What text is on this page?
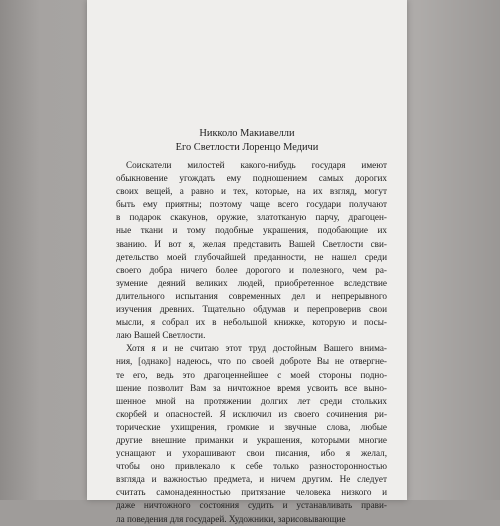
Никколо Макиавелли
Его Светлости Лоренцо Медичи
Соискатели милостей какого-нибудь государя имеют
обыкновение угождать ему подношением самых дорогих
своих вещей, а равно и тех, которые, на их взгляд, могут
быть ему приятны; поэтому чаще всего государи получают
в подарок скакунов, оружие, златотканую парчу, драгоцен-
ные ткани и тому подобные украшения, подобающие их
званию. И вот я, желая представить Вашей Светлости сви-
детельство моей глубочайшей преданности, не нашел среди
своего добра ничего более дорогого и полезного, чем ра-
зумение деяний великих людей, приобретенное вследствие
длительного испытания современных дел и непрерывного
изучения древних. Тщательно обдумав и перепроверив свои
мысли, я собрал их в небольшой книжке, которую и посы-
лаю Вашей Светлости.
Хотя я и не считаю этот труд достойным Вашего внима-
ния, [однако] надеюсь, что по своей доброте Вы не отвергне-
те его, ведь это драгоценнейшее с моей стороны подно-
шение позволит Вам за ничтожное время усвоить все выно-
шенное мной на протяжении долгих лет среди стольких
скорбей и опасностей. Я исключил из своего сочинения ри-
торические ухищрения, громкие и звучные слова, любые
другие внешние приманки и украшения, которыми многие
уснащают и ухорашивают свои писания, ибо я желал,
чтобы оно привлекало к себе только разносторонностью
взгляда и важностью предмета, и ничем другим. Не следует
считать самонадеянностью притязание человека низкого и
даже ничтожного состояния судить и устанавливать прави-
ла поведения для государей. Художники, зарисовывающие
